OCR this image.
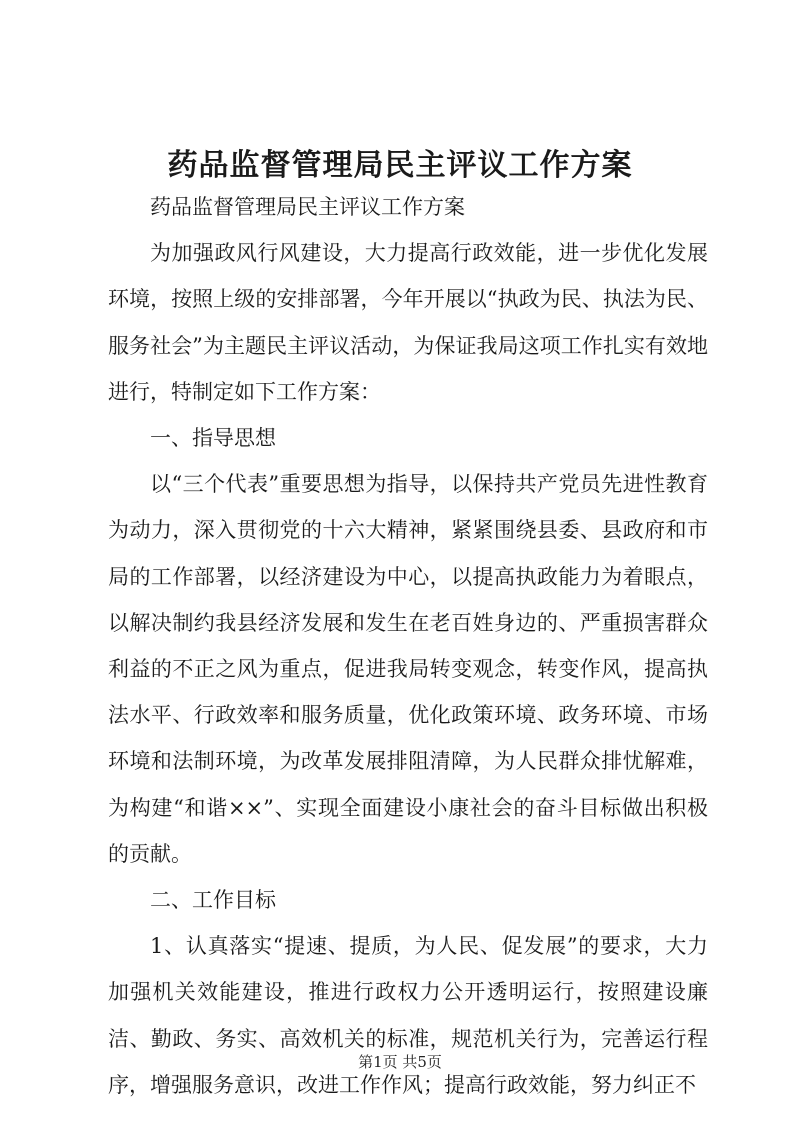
药品监督管理局民主评议工作方案

药品监督管理局民主评议工作方案

为加强政风行风建设，大力提高行政效能，进一步优化发展环境，按照上级的安排部署，今年开展以“执政为民、执法为民、服务社会”为主题民主评议活动，为保证我局这项工作扎实有效地进行，特制定如下工作方案：

一、指导思想

以“三个代表”重要思想为指导，以保持共产党员先进性教育为动力，深入贯彻党的十六大精神，紧紧围绕县委、县政府和市局的工作部署，以经济建设为中心，以提高执政能力为着眼点，以解决制约我县经济发展和发生在老百姓身边的、严重损害群众利益的不正之风为重点，促进我局转变观念，转变作风，提高执法水平、行政效率和服务质量，优化政策环境、政务环境、市场环境和法制环境，为改革发展排阻清障，为人民群众排忧解难，为构建“和谐××”、实现全面建设小康社会的奋斗目标做出积极的贡献。

二、工作目标

1、认真落实“提速、提质，为人民、促发展”的要求，大力加强机关效能建设，推进行政权力公开透明运行，按照建设廉洁、勤政、务实、高效机关的标准，规范机关行为，完善运行程序，增强服务意识，改进工作作风；提高行政效能，努力纠正不

第1页 共5页
